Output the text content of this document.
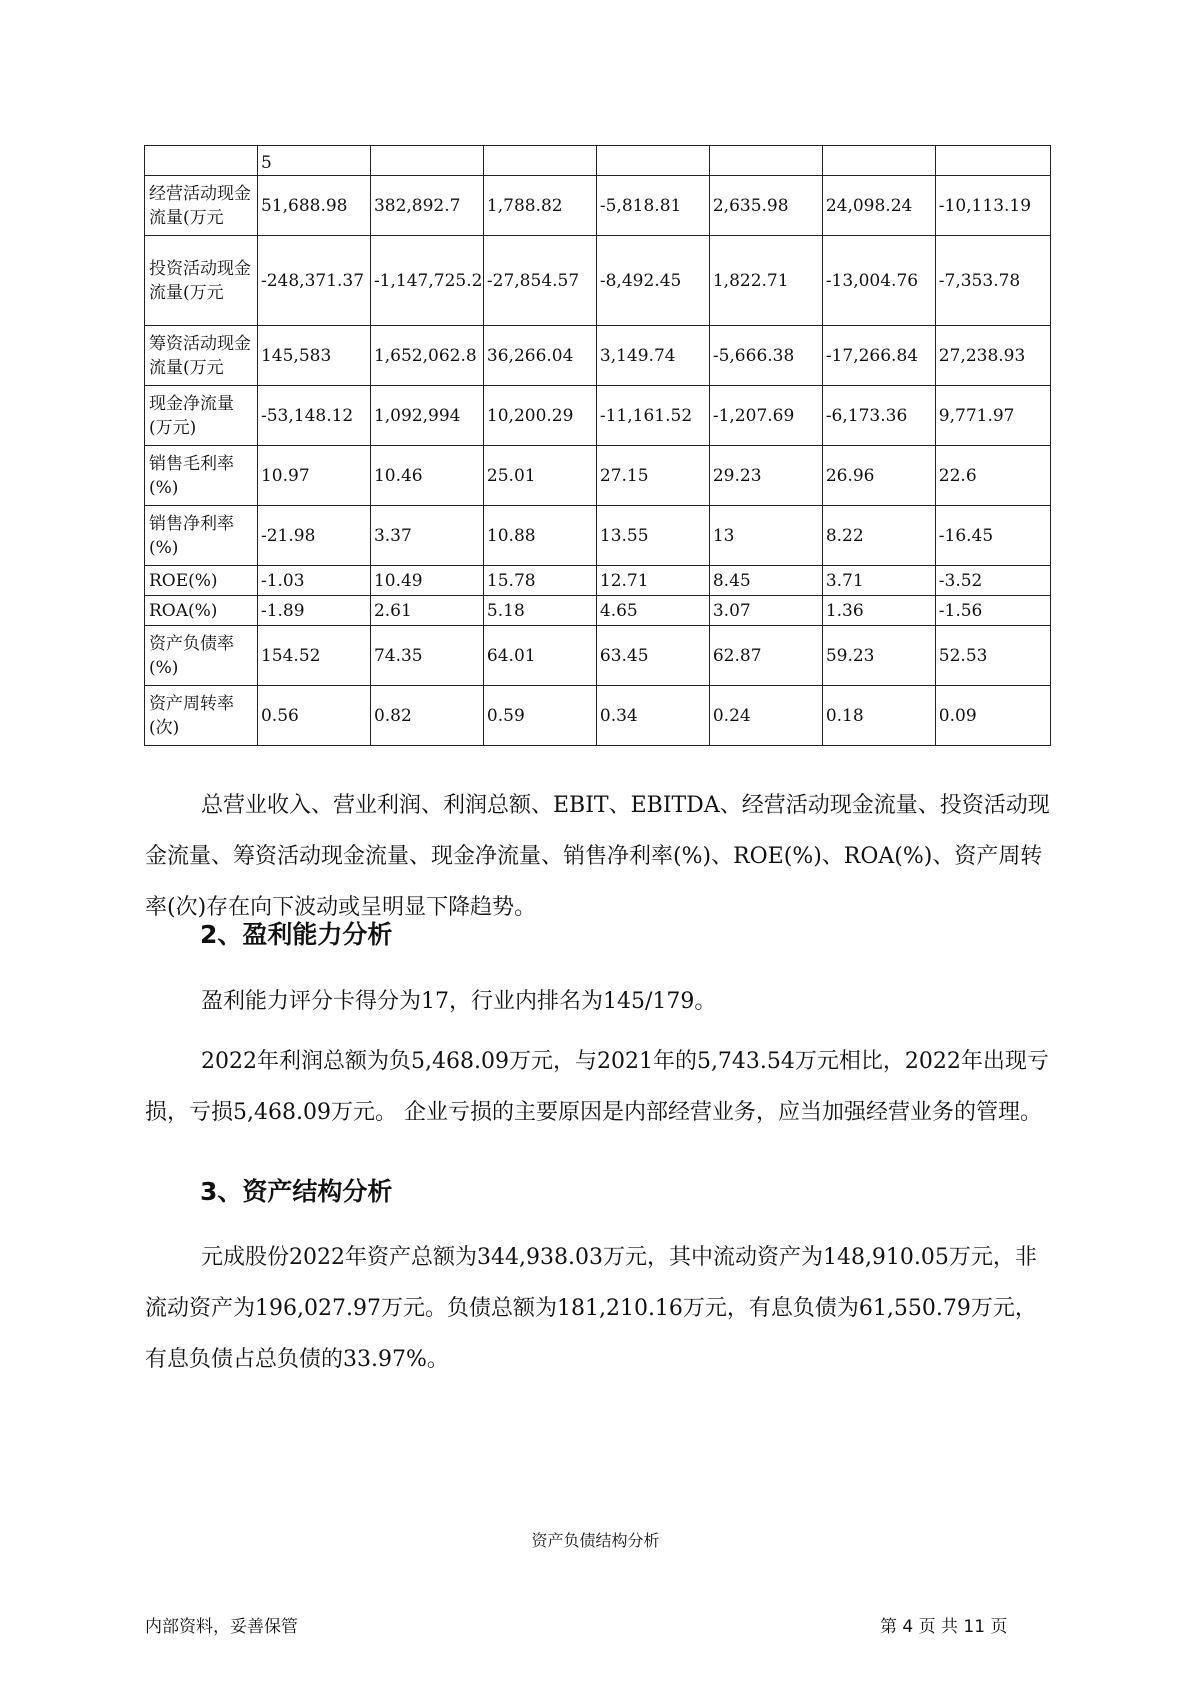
	5						
经营活动现金流量(万元	51,688.98	382,892.7	1,788.82	-5,818.81	2,635.98	24,098.24	-10,113.19
投资活动现金流量(万元	-248,371.37	-1,147,725.2	-27,854.57	-8,492.45	1,822.71	-13,004.76	-7,353.78
筹资活动现金流量(万元	145,583	1,652,062.8	36,266.04	3,149.74	-5,666.38	-17,266.84	27,238.93
现金净流量(万元)	-53,148.12	1,092,994	10,200.29	-11,161.52	-1,207.69	-6,173.36	9,771.97
销售毛利率(%)	10.97	10.46	25.01	27.15	29.23	26.96	22.6
销售净利率(%)	-21.98	3.37	10.88	13.55	13	8.22	-16.45
ROE(%)	-1.03	10.49	15.78	12.71	8.45	3.71	-3.52
ROA(%)	-1.89	2.61	5.18	4.65	3.07	1.36	-1.56
资产负债率(%)	154.52	74.35	64.01	63.45	62.87	59.23	52.53
资产周转率(次)	0.56	0.82	0.59	0.34	0.24	0.18	0.09

总营业收入、营业利润、利润总额、EBIT、EBITDA、经营活动现金流量、投资活动现金流量、筹资活动现金流量、现金净流量、销售净利率(%)、ROE(%)、ROA(%)、资产周转率(次)存在向下波动或呈明显下降趋势。

2、盈利能力分析

盈利能力评分卡得分为17，行业内排名为145/179。

2022年利润总额为负5,468.09万元，与2021年的5,743.54万元相比，2022年出现亏损，亏损5,468.09万元。 企业亏损的主要原因是内部经营业务，应当加强经营业务的管理。

3、资产结构分析

元成股份2022年资产总额为344,938.03万元，其中流动资产为148,910.05万元，非流动资产为196,027.97万元。负债总额为181,210.16万元，有息负债为61,550.79万元，有息负债占总负债的33.97%。

资产负债结构分析
内部资料，妥善保管	第 4 页 共 11 页
